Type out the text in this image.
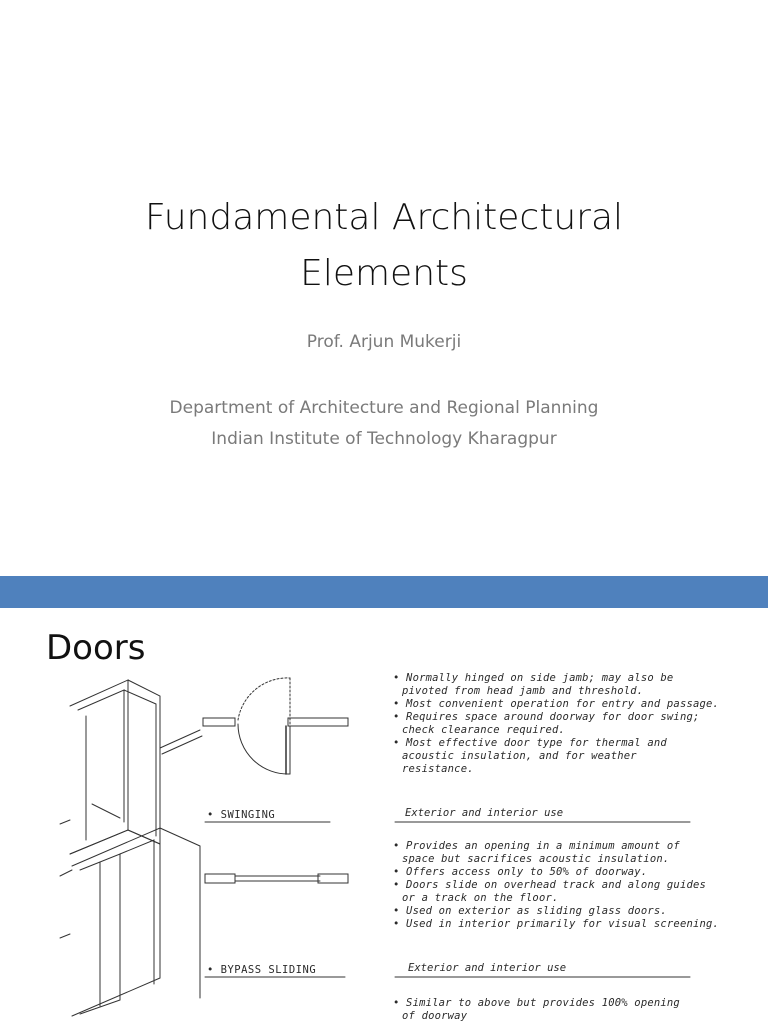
Fundamental Architectural
Elements
Prof. Arjun Mukerji
Department of Architecture and Regional Planning
Indian Institute of Technology Kharagpur
Doors
• Normally hinged on side jamb; may also be
pivoted from head jamb and threshold.
• Most convenient operation for entry and passage.
• Requires space around doorway for door swing;
check clearance required.
• Most effective door type for thermal and
acoustic insulation, and for weather
resistance.
• SWINGING	Exterior and interior use
• Provides an opening in a minimum amount of
space but sacrifices acoustic insulation.
• Offers access only to 50% of doorway.
• Doors slide on overhead track and along guides
or a track on the floor.
• Used on exterior as sliding glass doors.
• Used in interior primarily for visual screening.
• BYPASS SLIDING	Exterior and interior use
• Similar to above but provides 100% opening
of doorway
